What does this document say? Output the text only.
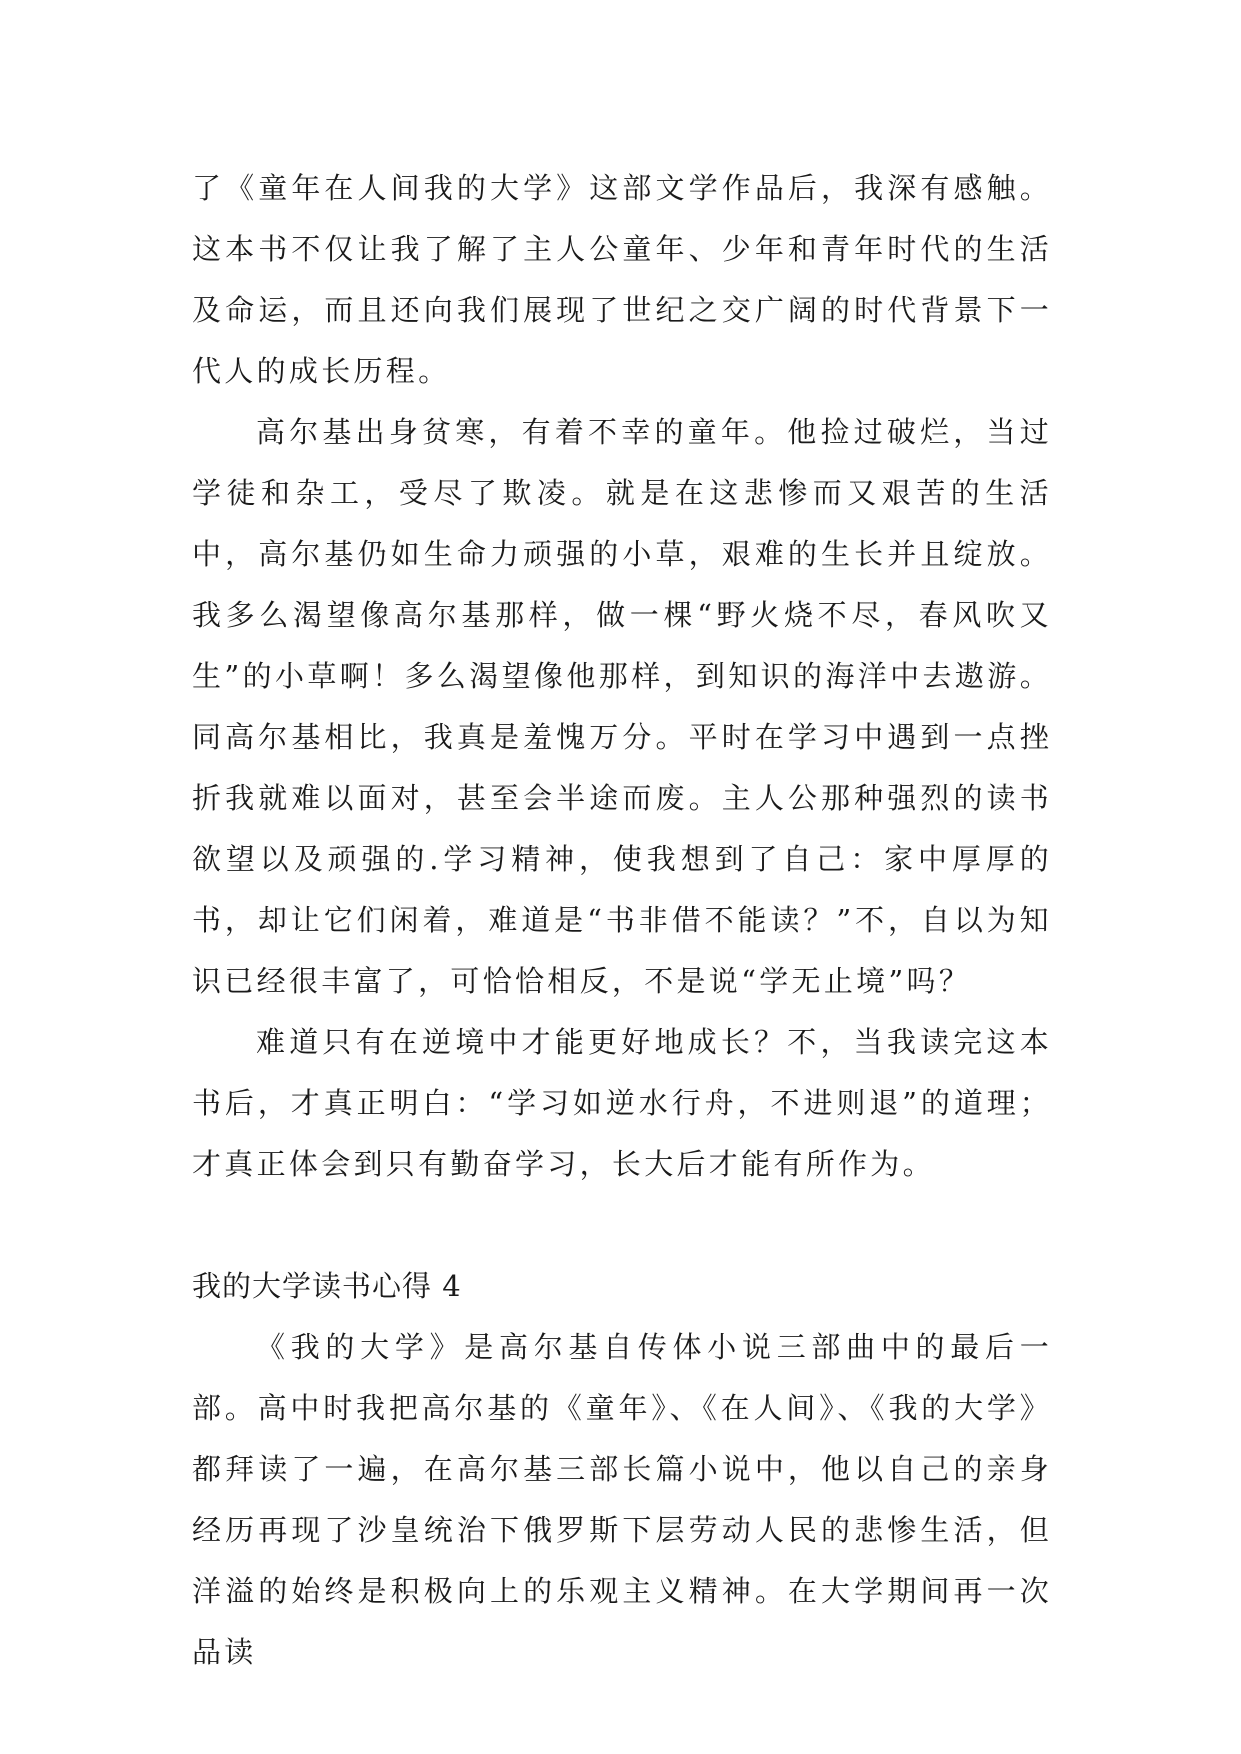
了《童年在人间我的大学》这部文学作品后，我深有感触。这本书不仅让我了解了主人公童年、少年和青年时代的生活及命运，而且还向我们展现了世纪之交广阔的时代背景下一代人的成长历程。

高尔基出身贫寒，有着不幸的童年。他捡过破烂，当过学徒和杂工，受尽了欺凌。就是在这悲惨而又艰苦的生活中，高尔基仍如生命力顽强的小草，艰难的生长并且绽放。我多么渴望像高尔基那样，做一棵“野火烧不尽，春风吹又生”的小草啊！多么渴望像他那样，到知识的海洋中去遨游。同高尔基相比，我真是羞愧万分。平时在学习中遇到一点挫折我就难以面对，甚至会半途而废。主人公那种强烈的读书欲望以及顽强的.学习精神，使我想到了自己：家中厚厚的书，却让它们闲着，难道是“书非借不能读？”不，自以为知识已经很丰富了，可恰恰相反，不是说“学无止境”吗？

难道只有在逆境中才能更好地成长？不，当我读完这本书后，才真正明白：“学习如逆水行舟，不进则退”的道理；才真正体会到只有勤奋学习，长大后才能有所作为。

我的大学读书心得 4

《我的大学》是高尔基自传体小说三部曲中的最后一部。高中时我把高尔基的《童年》、《在人间》、《我的大学》都拜读了一遍，在高尔基三部长篇小说中，他以自己的亲身经历再现了沙皇统治下俄罗斯下层劳动人民的悲惨生活，但洋溢的始终是积极向上的乐观主义精神。在大学期间再一次品读
